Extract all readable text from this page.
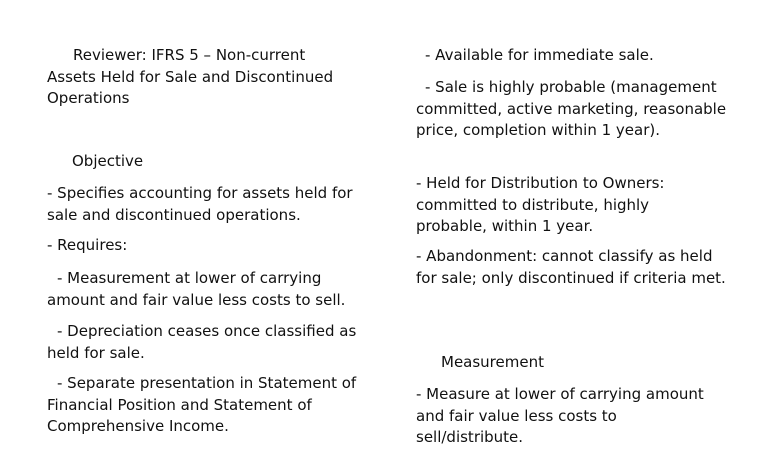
Reviewer: IFRS 5 – Non-current Assets Held for Sale and Discontinued Operations

Objective

- Specifies accounting for assets held for sale and discontinued operations.

- Requires:

- Measurement at lower of carrying amount and fair value less costs to sell.

- Depreciation ceases once classified as held for sale.

- Separate presentation in Statement of Financial Position and Statement of Comprehensive Income.

- Available for immediate sale.

- Sale is highly probable (management committed, active marketing, reasonable price, completion within 1 year).

- Held for Distribution to Owners: committed to distribute, highly probable, within 1 year.

- Abandonment: cannot classify as held for sale; only discontinued if criteria met.

Measurement

- Measure at lower of carrying amount and fair value less costs to sell/distribute.
